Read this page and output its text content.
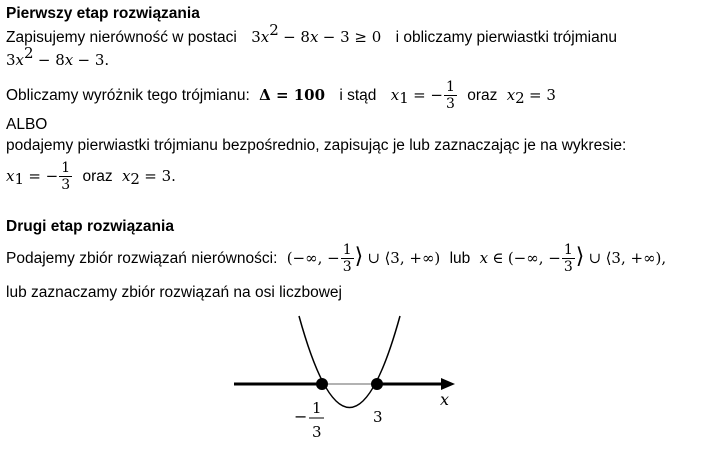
Pierwszy etap rozwiązania
Zapisujemy nierówność w postaci $3x^2 - 8x - 3 \ge 0$ i obliczamy pierwiastki trójmianu
$3x^2 - 8x - 3$.
Obliczamy wyróżnik tego trójmianu: Δ = 100 i stąd $x_1$ = − $\frac{1}{3}$ oraz $x_2 = 3$
ALBO
podajemy pierwiastki trójmianu bezpośrednio, zapisując je lub zaznaczając je na wykresie:
$x_1$ = − $\frac{1}{3}$ oraz $x_2 = 3$.
Drugi etap rozwiązania
Podajemy zbiór rozwiązań nierówności: (−∞, − $\frac{1}{3}$ ⟩ ∪ ⟨3, +∞) lub x ∈ (−∞, − $\frac{1}{3}$ ⟩ ∪ ⟨3, +∞),
lub zaznaczamy zbiór rozwiązań na osi liczbowej
x
− 1
3
3
